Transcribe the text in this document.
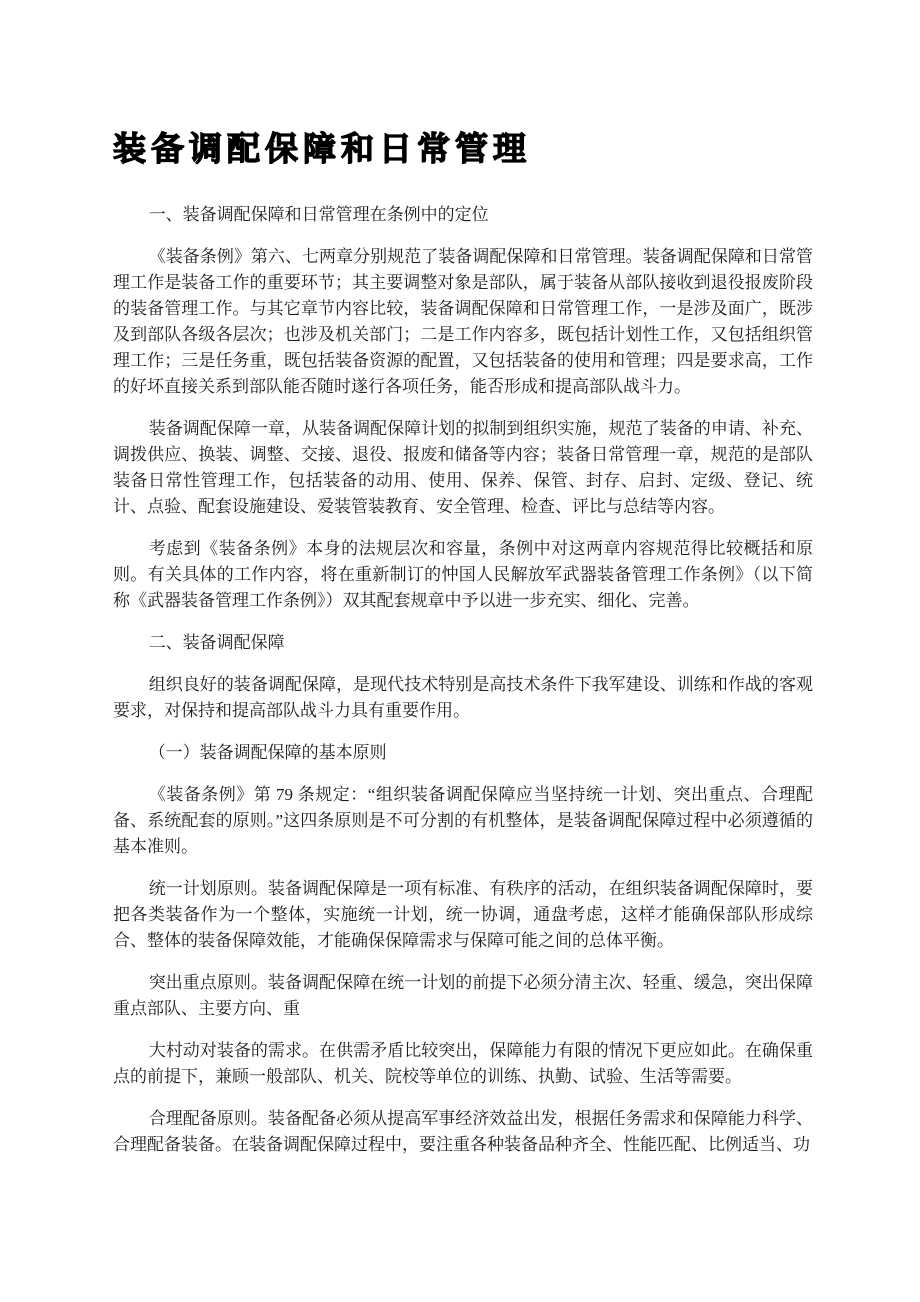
装备调配保障和日常管理

一、装备调配保障和日常管理在条例中的定位

《装备条例》第六、七两章分别规范了装备调配保障和日常管理。装备调配保障和日常管理工作是装备工作的重要环节；其主要调整对象是部队，属于装备从部队接收到退役报废阶段的装备管理工作。与其它章节内容比较，装备调配保障和日常管理工作，一是涉及面广，既涉及到部队各级各层次；也涉及机关部门；二是工作内容多，既包括计划性工作，又包括组织管理工作；三是任务重，既包括装备资源的配置，又包括装备的使用和管理；四是要求高，工作的好坏直接关系到部队能否随时遂行各项任务，能否形成和提高部队战斗力。

装备调配保障一章，从装备调配保障计划的拟制到组织实施，规范了装备的申请、补充、调拨供应、换装、调整、交接、退役、报废和储备等内容；装备日常管理一章，规范的是部队装备日常性管理工作，包括装备的动用、使用、保养、保管、封存、启封、定级、登记、统计、点验、配套设施建设、爱装管装教育、安全管理、检查、评比与总结等内容。

考虑到《装备条例》本身的法规层次和容量，条例中对这两章内容规范得比较概括和原则。有关具体的工作内容，将在重新制订的忡国人民解放军武器装备管理工作条例》（以下简称《武器装备管理工作条例》）双其配套规章中予以进一步充实、细化、完善。

二、装备调配保障

组织良好的装备调配保障，是现代技术特别是高技术条件下我军建设、训练和作战的客观要求，对保持和提高部队战斗力具有重要作用。

（一）装备调配保障的基本原则

《装备条例》第 79 条规定：“组织装备调配保障应当坚持统一计划、突出重点、合理配备、系统配套的原则。”这四条原则是不可分割的有机整体，是装备调配保障过程中必须遵循的基本准则。

统一计划原则。装备调配保障是一项有标准、有秩序的活动，在组织装备调配保障时，要把各类装备作为一个整体，实施统一计划，统一协调，通盘考虑，这样才能确保部队形成综合、整体的装备保障效能，才能确保保障需求与保障可能之间的总体平衡。

突出重点原则。装备调配保障在统一计划的前提下必须分清主次、轻重、缓急，突出保障重点部队、主要方向、重

大村动对装备的需求。在供需矛盾比较突出，保障能力有限的情况下更应如此。在确保重点的前提下，兼顾一般部队、机关、院校等单位的训练、执勤、试验、生活等需要。

合理配备原则。装备配备必须从提高军事经济效益出发，根据任务需求和保障能力科学、合理配备装备。在装备调配保障过程中，要注重各种装备品种齐全、性能匹配、比例适当、功
